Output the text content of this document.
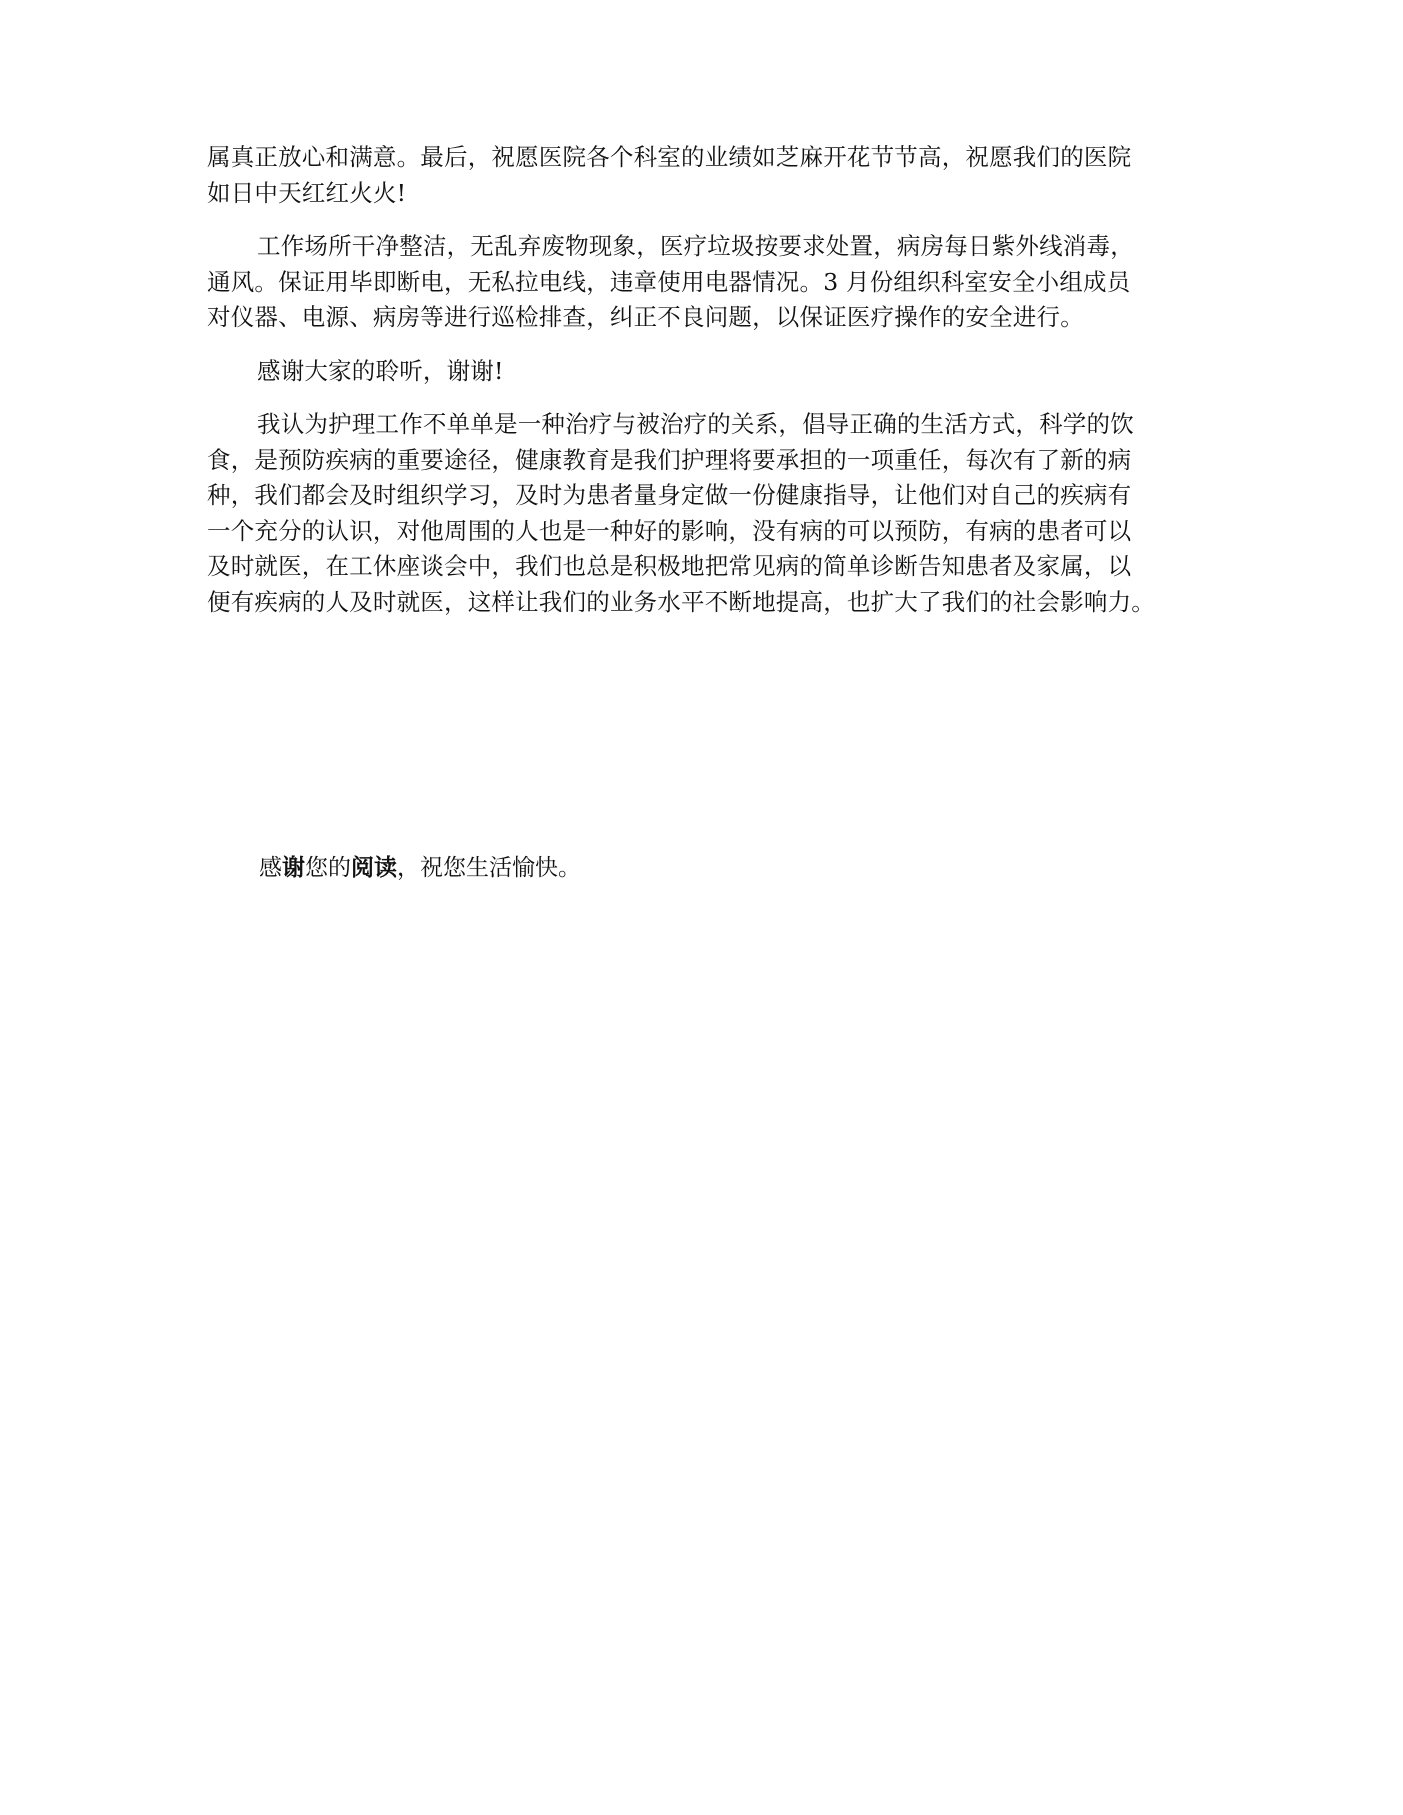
属真正放心和满意。最后，祝愿医院各个科室的业绩如芝麻开花节节高，祝愿我们的医院
如日中天红红火火!

工作场所干净整洁，无乱弃废物现象，医疗垃圾按要求处置，病房每日紫外线消毒，
通风。保证用毕即断电，无私拉电线，违章使用电器情况。3 月份组织科室安全小组成员
对仪器、电源、病房等进行巡检排查，纠正不良问题，以保证医疗操作的安全进行。

感谢大家的聆听，谢谢!

我认为护理工作不单单是一种治疗与被治疗的关系，倡导正确的生活方式，科学的饮
食，是预防疾病的重要途径，健康教育是我们护理将要承担的一项重任，每次有了新的病
种，我们都会及时组织学习，及时为患者量身定做一份健康指导，让他们对自己的疾病有
一个充分的认识，对他周围的人也是一种好的影响，没有病的可以预防，有病的患者可以
及时就医，在工休座谈会中，我们也总是积极地把常见病的简单诊断告知患者及家属，以
便有疾病的人及时就医，这样让我们的业务水平不断地提高，也扩大了我们的社会影响力。

感谢您的阅读，祝您生活愉快。
